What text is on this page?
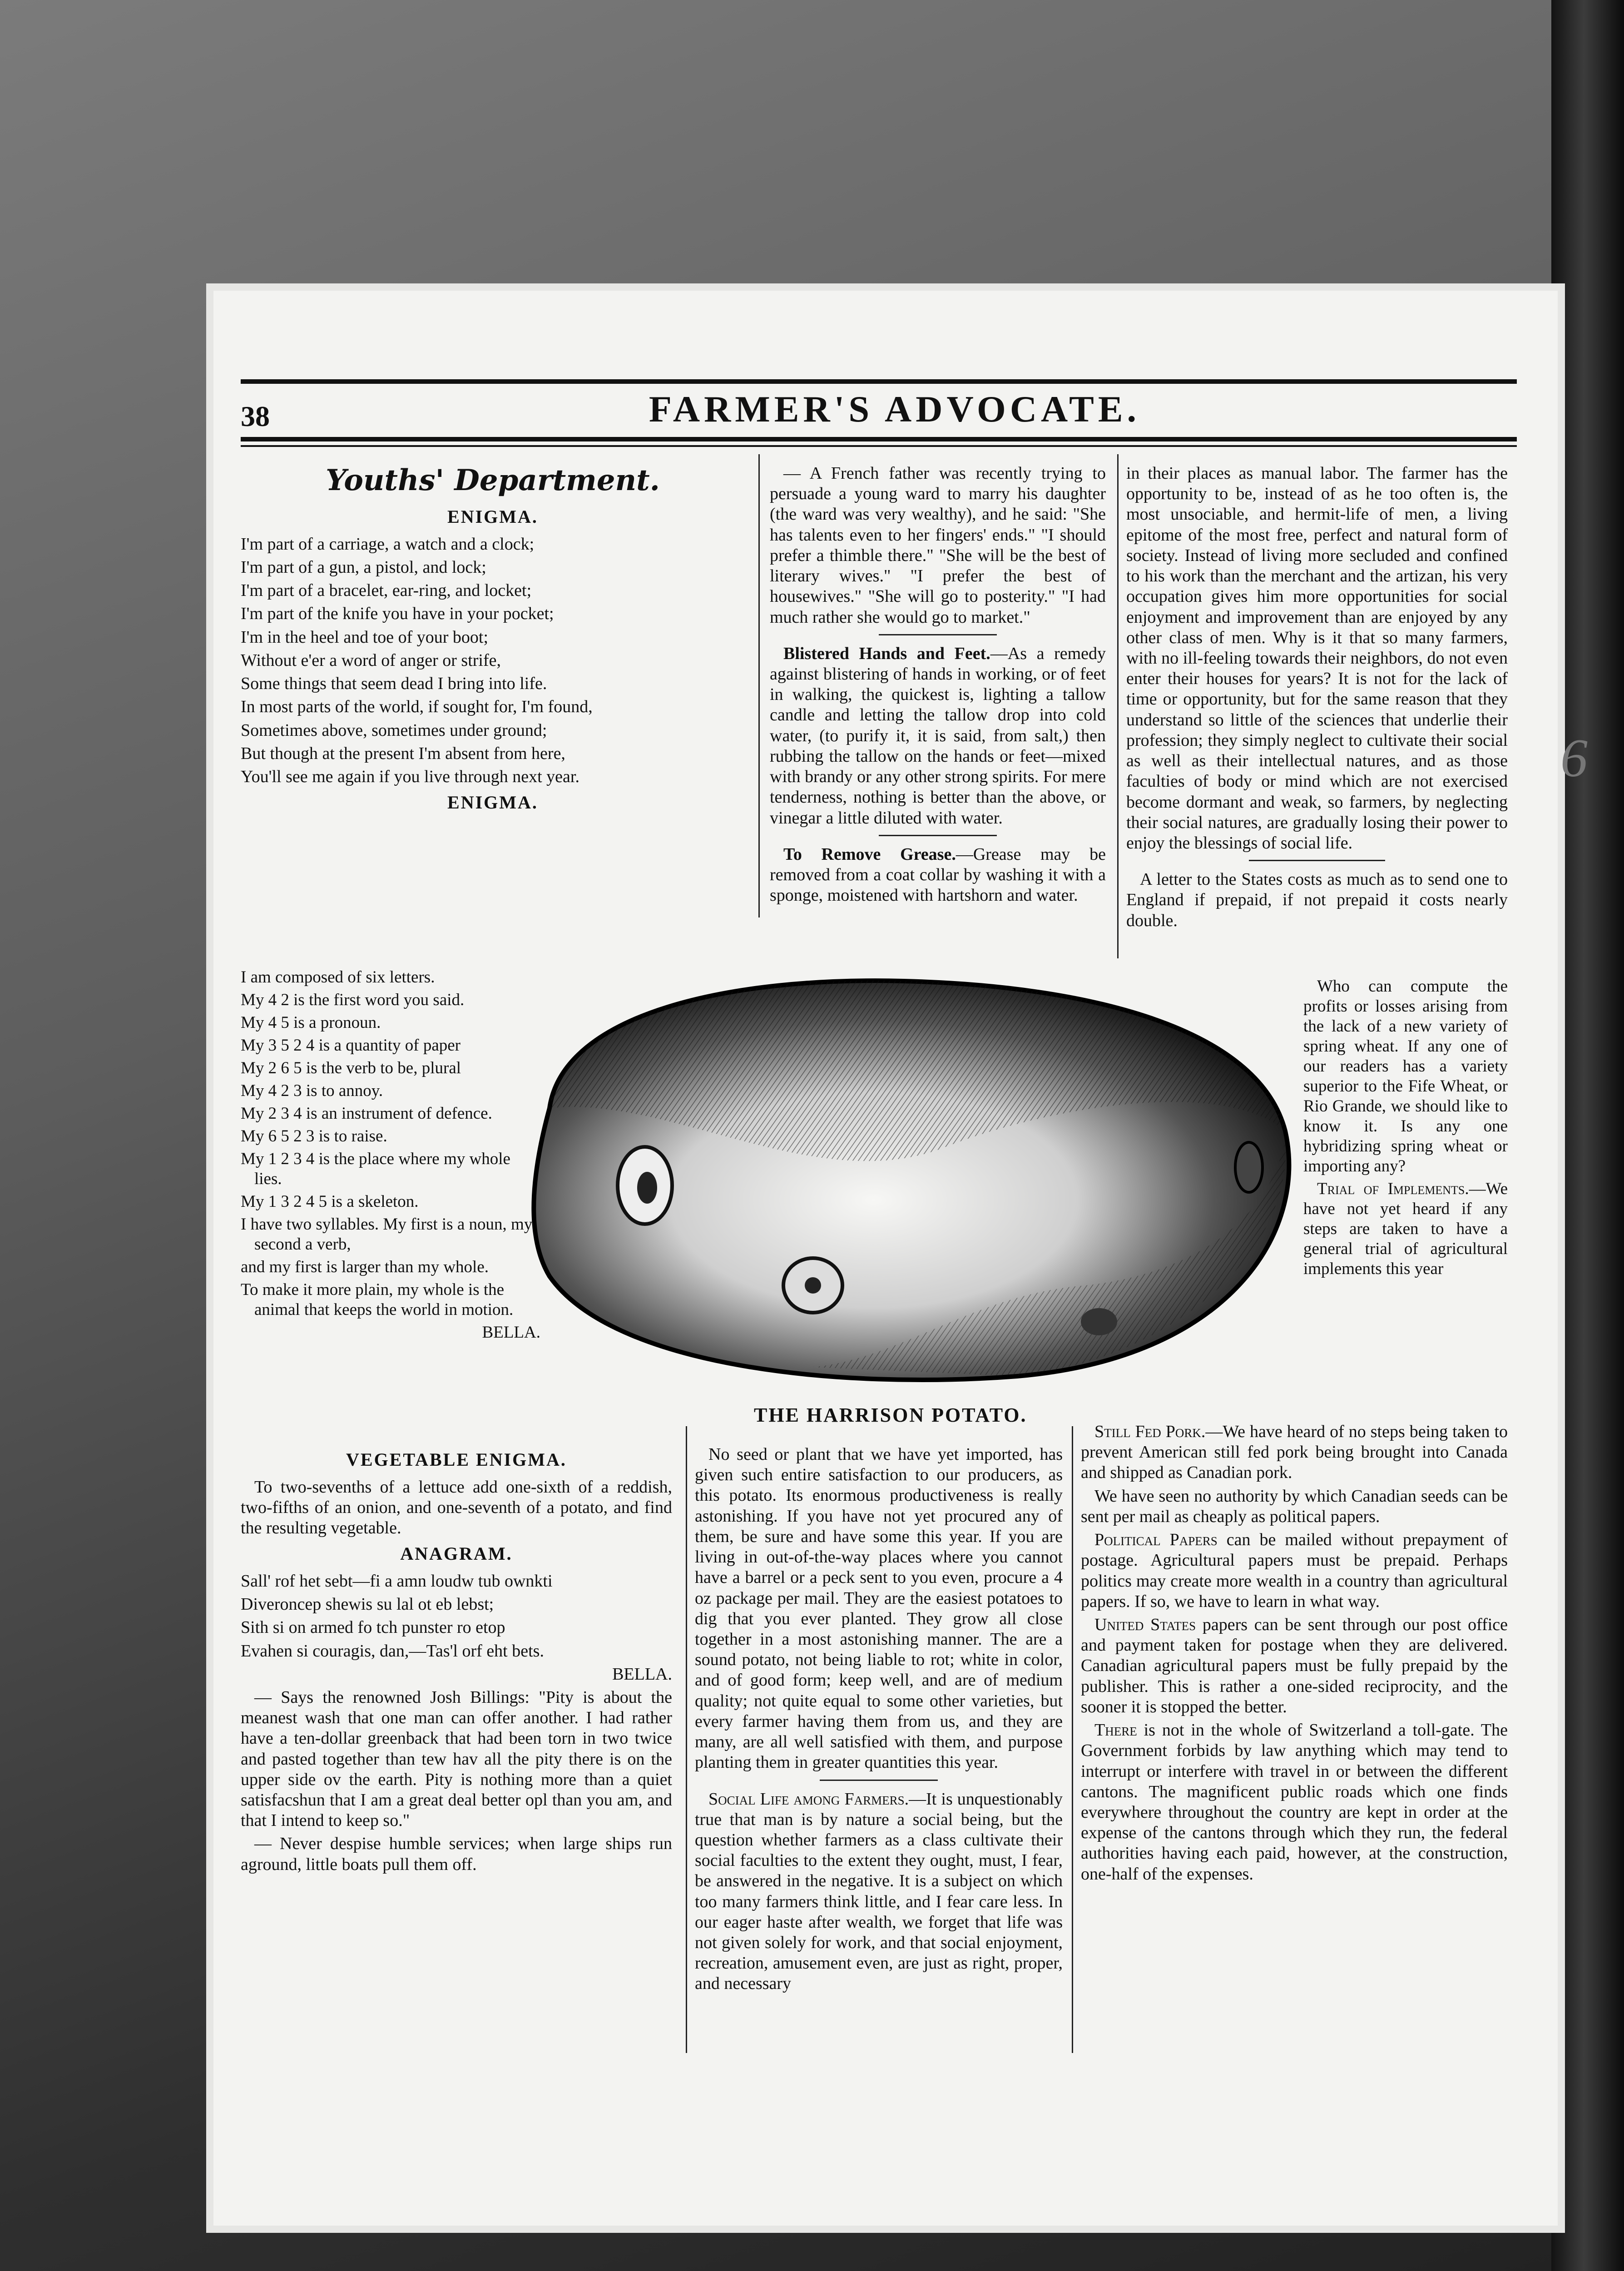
38	FARMER'S ADVOCATE.
Youths' Department.
ENIGMA.

I'm part of a carriage, a watch and a clock;

I'm part of a gun, a pistol, and lock;

I'm part of a bracelet, ear-ring, and locket;

I'm part of the knife you have in your pocket;

I'm in the heel and toe of your boot;

Without e'er a word of anger or strife,

Some things that seem dead I bring into life.

In most parts of the world, if sought for, I'm found,

Sometimes above, sometimes under ground;

But though at the present I'm absent from here,

You'll see me again if you live through next year.

ENIGMA.

I am composed of six letters.

My 4 2 is the first word you said.

My 4 5 is a pronoun.

My 3 5 2 4 is a quantity of paper

My 2 6 5 is the verb to be, plural

My 4 2 3 is to annoy.

My 2 3 4 is an instrument of defence.

My 6 5 2 3 is to raise.

My 1 2 3 4 is the place where my whole lies.

My 1 3 2 4 5 is a skeleton.

I have two syllables. My first is a noun, my second a verb,

and my first is larger than my whole.

To make it more plain, my whole is the animal that keeps the world in motion.

BELLA.

VEGETABLE ENIGMA.

To two-sevenths of a lettuce add one-sixth of a reddish, two-fifths of an onion, and one-seventh of a potato, and find the resulting vegetable.

ANAGRAM.

Sall' rof het sebt—fi a amn loudw tub ownkti

Diveroncep shewis su lal ot eb lebst;

Sith si on armed fo tch punster ro etop

Evahen si couragis, dan,—Tas'l orf eht bets.

BELLA.

— Says the renowned Josh Billings: "Pity is about the meanest wash that one man can offer another. I had rather have a ten-dollar greenback that had been torn in two twice and pasted together than tew hav all the pity there is on the upper side ov the earth. Pity is nothing more than a quiet satisfacshun that I am a great deal better opl than you am, and that I intend to keep so."

— Never despise humble services; when large ships run aground, little boats pull them off.

— A French father was recently trying to persuade a young ward to marry his daughter (the ward was very wealthy), and he said: "She has talents even to her fingers' ends." "I should prefer a thimble there." "She will be the best of literary wives." "I prefer the best of housewives." "She will go to posterity." "I had much rather she would go to market."

Blistered Hands and Feet.—As a remedy against blistering of hands in working, or of feet in walking, the quickest is, lighting a tallow candle and letting the tallow drop into cold water, (to purify it, it is said, from salt,) then rubbing the tallow on the hands or feet—mixed with brandy or any other strong spirits. For mere tenderness, nothing is better than the above, or vinegar a little diluted with water.

To Remove Grease.—Grease may be removed from a coat collar by washing it with a sponge, moistened with hartshorn and water.

in their places as manual labor. The farmer has the opportunity to be, instead of as he too often is, the most unsociable, and hermit-life of men, a living epitome of the most free, perfect and natural form of society. Instead of living more secluded and confined to his work than the merchant and the artizan, his very occupation gives him more opportunities for social enjoyment and improvement than are enjoyed by any other class of men. Why is it that so many farmers, with no ill-feeling towards their neighbors, do not even enter their houses for years? It is not for the lack of time or opportunity, but for the same reason that they understand so little of the sciences that underlie their profession; they simply neglect to cultivate their social as well as their intellectual natures, and as those faculties of body or mind which are not exercised become dormant and weak, so farmers, by neglecting their social natures, are gradually losing their power to enjoy the blessings of social life.

A letter to the States costs as much as to send one to England if prepaid, if not prepaid it costs nearly double.

Who can compute the profits or losses arising from the lack of a new variety of spring wheat. If any one of our readers has a variety superior to the Fife Wheat, or Rio Grande, we should like to know it. Is any one hybridizing spring wheat or importing any?

Trial of Implements.—We have not yet heard if any steps are taken to have a general trial of agricultural implements this year

THE HARRISON POTATO.

No seed or plant that we have yet imported, has given such entire satisfaction to our producers, as this potato. Its enormous productiveness is really astonishing. If you have not yet procured any of them, be sure and have some this year. If you are living in out-of-the-way places where you cannot have a barrel or a peck sent to you even, procure a 4 oz package per mail. They are the easiest potatoes to dig that you ever planted. They grow all close together in a most astonishing manner. The are a sound potato, not being liable to rot; white in color, and of good form; keep well, and are of medium quality; not quite equal to some other varieties, but every farmer having them from us, and they are many, are all well satisfied with them, and purpose planting them in greater quantities this year.

Social Life among Farmers.—It is unquestionably true that man is by nature a social being, but the question whether farmers as a class cultivate their social faculties to the extent they ought, must, I fear, be answered in the negative. It is a subject on which too many farmers think little, and I fear care less. In our eager haste after wealth, we forget that life was not given solely for work, and that social enjoyment, recreation, amusement even, are just as right, proper, and necessary

Still Fed Pork.—We have heard of no steps being taken to prevent American still fed pork being brought into Canada and shipped as Canadian pork.

We have seen no authority by which Canadian seeds can be sent per mail as cheaply as political papers.

Political Papers can be mailed without prepayment of postage. Agricultural papers must be prepaid. Perhaps politics may create more wealth in a country than agricultural papers. If so, we have to learn in what way.

United States papers can be sent through our post office and payment taken for postage when they are delivered. Canadian agricultural papers must be fully prepaid by the publisher. This is rather a one-sided reciprocity, and the sooner it is stopped the better.

There is not in the whole of Switzerland a toll-gate. The Government forbids by law anything which may tend to interrupt or interfere with travel in or between the different cantons. The magnificent public roads which one finds everywhere throughout the country are kept in order at the expense of the cantons through which they run, the federal authorities having each paid, however, at the construction, one-half of the expenses.

6
